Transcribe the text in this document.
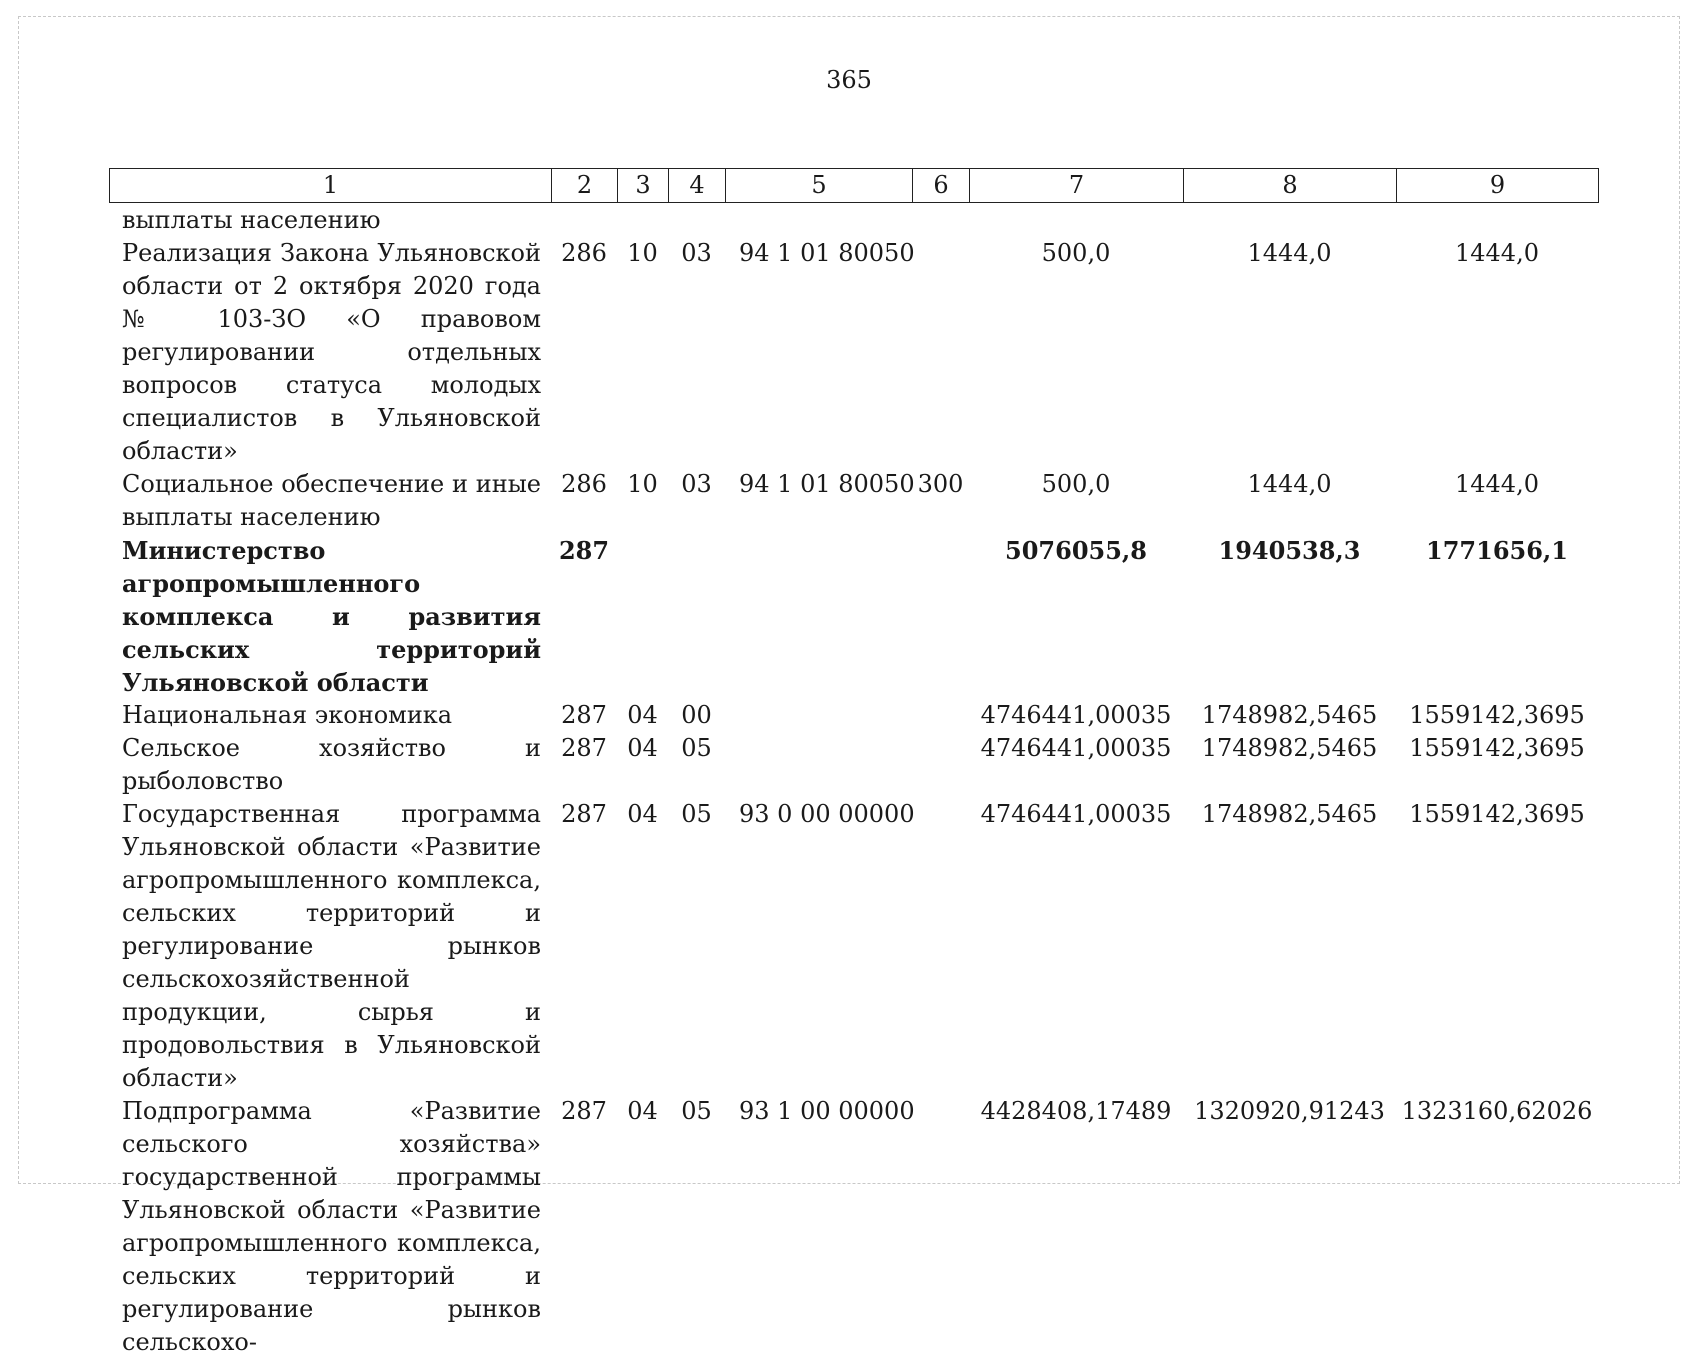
365
1	2	3	4	5	6	7	8	9
выплаты населению								
Реализация Закона Ульяновской области от 2 октября 2020 года № 103-ЗО «О правовом регулировании отдельных вопросов статуса молодых специалистов в Ульяновской области»	286	10	03	94 1 01 80050		500,0	1444,0	1444,0
Социальное обеспечение и иные выплаты населению	286	10	03	94 1 01 80050	300	500,0	1444,0	1444,0
Министерство агропромышленного комплекса и развития сельских территорий Ульяновской области	287					5076055,8	1940538,3	1771656,1
Национальная экономика	287	04	00			4746441,00035	1748982,5465	1559142,3695
Сельское хозяйство и рыболовство	287	04	05			4746441,00035	1748982,5465	1559142,3695
Государственная программа Ульяновской области «Развитие агропромышленного комплекса, сельских территорий и регулирование рынков сельскохозяйственной продукции, сырья и продовольствия в Ульяновской области»	287	04	05	93 0 00 00000		4746441,00035	1748982,5465	1559142,3695
Подпрограмма «Развитие сельского хозяйства» государственной программы Ульяновской области «Развитие агропромышленного комплекса, сельских территорий и регулирование рынков сельскохо-	287	04	05	93 1 00 00000		4428408,17489	1320920,91243	1323160,62026
